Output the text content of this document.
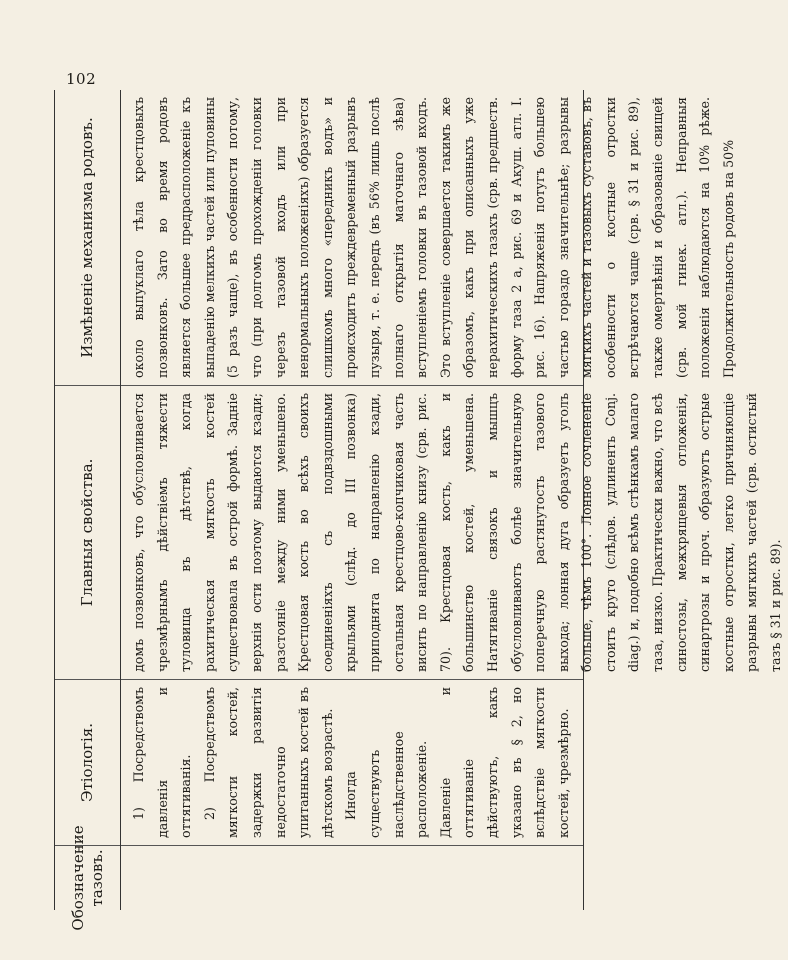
102
Обозначение тазовъ.
Этіологія.
Главныя свойства.
Измѣненіе механизма родовъ.

1) Посредствомъ давленія и оттягиванія. 2) Посредствомъ мягкости костей, задержки развитія недостаточно упитанныхъ костей въ дѣтскомъ возрастѣ. Иногда существуютъ наслѣдственное расположеніе. Давленіе и оттягиваніе дѣйствуютъ, какъ указано въ § 2, но вслѣдствіе мягкости костей, чрезмѣрно.

домъ позвонковъ, что обусловливается чрезмѣрнымъ дѣйствіемъ тяжести туловища въ дѣтствѣ, когда рахитическая мягкость костей существовала въ острой формѣ. Задніе верхнія ости поэтому выдаются кзади; разстояніе между ними уменьшено. Крестцовая кость во всѣхъ своихъ соединеніяхъ съ подвздошными крыльями (слѣд. до III позвонка) приподнята по направленію кзади, остальная крестцово-копчиковая часть висить по направленію книзу (срв. рис. 70). Крестцовая кость, какъ и большинство костей, уменьшена. Натягиваніе связокъ и мышцъ обусловливаютъ болѣе значительную поперечную растянутость тазового выхода; лонная дуга образуетъ уголъ больше, чѣмъ 100°. Лонное сочлененіе стоитъ круто (слѣдов. удлиненть Conj. diag.) и, подобно всѣмъ стѣнкамъ малаго таза, низко. Практически важно, что всѣ синостозы, межхрящевыя отложенія, синартрозы и проч. образуютъ острые костные отростки, легко причиняющіе разрывы мягкихъ частей (срв. остистый тазъ § 31 и рис. 89).

около выпуклаго тѣла крестцовыхъ позвонковъ. Зато во время родовъ является большее предрасположеніе къ выпаденію мелкихъ частей или пуповины (5 разъ чаще), въ особенности потому, что (при долгомъ прохожденіи головки черезъ тазовой входъ или при ненормальныхъ положеніяхъ) образуется слишкомъ много «передникъ водъ» и происходитъ преждевременный разрывъ пузыря, т. е. передъ (въ 56% лишь послѣ полнаго открытія маточнаго зѣва) вступленіемъ головки въ тазовой входъ. Это вступленіе совершается такимъ же образомъ, какъ при описанныхъ уже нерахитическихъ тазахъ (срв. предшеств. форму таза 2 а, рис. 69 и Акуш. атл. I. рис. 16). Напряженія потугъ большею частью гораздо значительнѣе; разрывы мягкихъ частей и тазовыхъ суставовъ, въ особенности о костные отростки встрѣчаются чаще (срв. § 31 и рис. 89), также омертвѣнія и образованіе свищей (срв. мой гинек. атл.). Неправныя положенія наблюдаются на 10% рѣже. Продолжительность родовъ на 50%
